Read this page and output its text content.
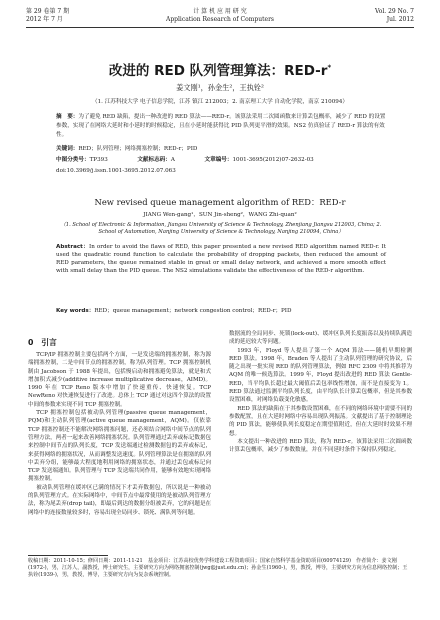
第 29 卷第 7 期
2012 年 7 月
计 算 机 应 用 研 究
Application Research of Computers
Vol. 29 No. 7
Jul. 2012
改进的 RED 队列管理算法：RED-r*
姜文刚¹，孙金生²，王执铨²
（1. 江苏科技大学 电子信息学院，江苏 镇江 212003；2. 南京理工大学 自动化学院，南京 210094）
摘　要：为了避免 RED 缺陷，提出一种改进的 RED 算法——RED-r。该算法采用二次圆函数来计算丢包概率，减少了 RED 的设置参数，实现了在网络大延时和小延时的时候稳定，且在小延时能获得比 PID 队列更平滑的效果。NS2 仿真验证了 RED-r 算法的有效性。
关键词：RED；队列管理；网络拥塞控制；RED-r；PID
中图分类号：TP393	文献标志码：A	文章编号：1001-3695(2012)07-2632-03
doi:10.3969/j.issn.1001-3695.2012.07.063
New revised queue management algorithm of RED：RED-r
JIANG Wen-gang¹，SUN Jin-sheng²，WANG Zhi-quan²
（1. School of Electronic & Information, Jiangsu University of Science & Technology, Zhenjiang Jiangsu 212003, China; 2. School of Automation, Nanjing University of Science & Technology, Nanjing 210094, China）
Abstract：In order to avoid the flaws of RED, this paper presented a new revised RED algorithm named RED-r. It used the quadratic round function to calculate the probability of dropping packets, then reduced the amount of RED parameters, the queue remained stable in great or small delay network, and achieved a more smooth effect with small delay than the PID queue. The NS2 simulations validate the effectiveness of the RED-r algorithm.
Key words：RED；queue management；network congestion control；RED-r；PID
0　引言

TCP/IP 拥塞控制主要包括两个方面，一是发送端的拥塞控制，称为源端拥塞控制，二是中间节点的拥塞控制，称为队列管理。TCP 拥塞控制机制由 Jacobson 于 1988 年提出，包括慢启动和拥塞避免算法，就是和式增加积式减少(additive increase multiplicative decrease，AIMD)。1990 年在 TCP Reno 版本中增加了快速重传、快速恢复。TCP NewReno 对快速恢复进行了改进。总体上 TCP 通过对这四个算法的设置中间的参数来实现不同 TCP 拥塞控制。

TCP 拥塞控制包括被动队列管理(passive queue management，PQM)和主动队列管理(active queue management，AQM)。仅依靠 TCP 拥塞控制还不能解决网络拥塞问题，还必须结合网络中间节点的队列管理方法，两者一起来改善网络拥塞状况。队列管理通过丢弃或标记数据包来控制中间节点的队列长度，TCP 发送端通过检测数据包的丢弃或标记，来获得网络的拥塞状况，从而调整发送速度。队列管理算法是在拥塞的队列中丢弃分组，能够最大程度地利用网络的拥塞状态，并通过丢包或标记向 TCP 发送端通知。队列管理与 TCP 发送端共同作用，能够有效地实现网络拥塞控制。

被动队列管理在缓冲区已满的情况下才丢弃数据包，所以说是一种被动的队列管理方式。在实际网络中，中间节点中最常使用的是被动队列管理方法，称为尾丢弃(drop tail)，即最后到达的数据分组被丢弃，它的问题是在网络中的连接数量较多时，容易出现全局同步、锁死、满队列等问题。

数据流的全局同步、死锁(lock-out)、缓冲区队列长度振荡以及持续队满造成的延迟较大等问题。

1993 年，Floyd 等人提出了第一个 AQM 算法——随机早期检测 RED 算法。1998 年，Braden 等人提出了主动队列管理的研究协议，后随之出现一批实现 RED 的队列管理算法，例如 RFC 2309 中将其推荐为 AQM 的唯一候选算法。1999 年，Floyd 提出改进的 RED 算法 Gentle-RED，当平均队长超过最大阈值后丢包率线性增加，而不是直接变为 1。RED 算法通过监测平均队列长度，由平均队长计算丢包概率，但是其参数设置困难，对网络负载变化敏感。

RED 算法的缺陷在于其参数设置困难，在不同的网络环境中需要不同的参数配置，且在大延时网络中容易出现队列振荡。文献提出了基于控制理论的 PID 算法，能够使队列长度稳定在期望值附近，但在大延时时效果不理想。

本文提出一种改进的 RED 算法，称为 RED-r。该算法采用二次圆函数计算丢包概率，减少了参数数量，并在不同延时条件下保持队列稳定。

收稿日期：2011-10-15；修回日期：2011-11-21　基金项目：江苏高校优势学科建设工程资助项目；国家自然科学基金资助项目(60974129)　作者简介：姜文刚(1972-)，男，江苏人，副教授，博士研究生，主要研究方向为网络拥塞控制(jwg@just.edu.cn)；孙金生(1960-)，男，教授，博导，主要研究方向为信息网络控制；王执铨(1939-)，男，教授，博导，主要研究方向为复杂系统控制。
